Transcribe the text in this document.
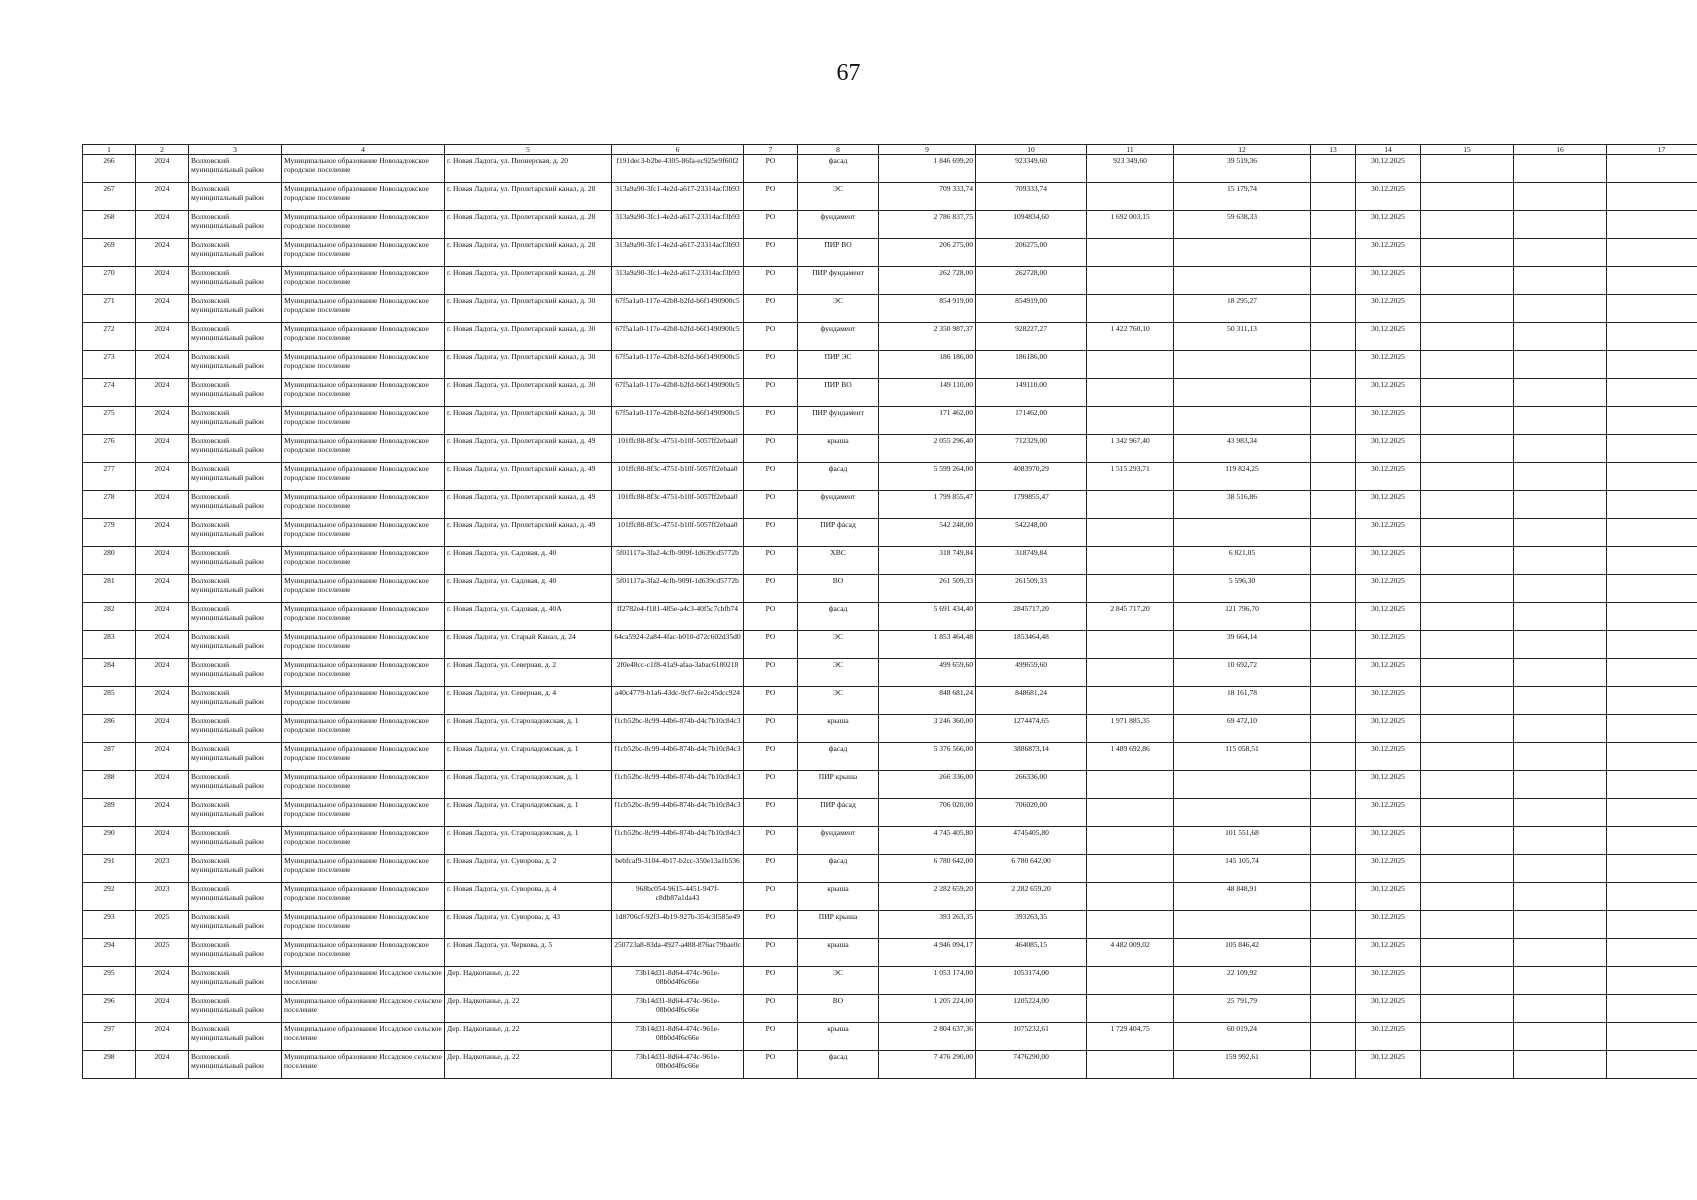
67
1	2	3	4	5	6	7	8	9	10	11	12	13	14	15	16	17
266	2024	Волховский муниципальный район	Муниципальное образование Новоладожское городское поселение	г. Новая Ладога, ул. Пионерская, д. 20	f191dec3-b2be-4305-86fa-ec925e9f60f2	РО	фасад	1 846 699,20	923349,60	923 349,60	39 519,36		30.12.2025			
267	2024	Волховский муниципальный район	Муниципальное образование Новоладожское городское поселение	г. Новая Ладога, ул. Пролетарский канал, д. 28	313a9a90-3fc1-4e2d-a617-23314acf3b93	РО	ЭС	709 333,74	709333,74		15 179,74		30.12.2025			
268	2024	Волховский муниципальный район	Муниципальное образование Новоладожское городское поселение	г. Новая Ладога, ул. Пролетарский канал, д. 28	313a9a90-3fc1-4e2d-a617-23314acf3b93	РО	фундамент	2 786 837,75	1094834,60	1 692 003,15	59 638,33		30.12.2025			
269	2024	Волховский муниципальный район	Муниципальное образование Новоладожское городское поселение	г. Новая Ладога, ул. Пролетарский канал, д. 28	313a9a90-3fc1-4e2d-a617-23314acf3b93	РО	ПИР ВО	206 275,00	206275,00				30.12.2025			
270	2024	Волховский муниципальный район	Муниципальное образование Новоладожское городское поселение	г. Новая Ладога, ул. Пролетарский канал, д. 28	313a9a90-3fc1-4e2d-a617-23314acf3b93	РО	ПИР фундамент	262 728,00	262728,00				30.12.2025			
271	2024	Волховский муниципальный район	Муниципальное образование Новоладожское городское поселение	г. Новая Ладога, ул. Пролетарский канал, д. 30	67f5a1a0-117e-42b8-b2fd-b6f1490900c5	РО	ЭС	854 919,00	854919,00		18 295,27		30.12.2025			
272	2024	Волховский муниципальный район	Муниципальное образование Новоладожское городское поселение	г. Новая Ладога, ул. Пролетарский канал, д. 30	67f5a1a0-117e-42b8-b2fd-b6f1490900c5	РО	фундамент	2 350 987,37	928227,27	1 422 760,10	50 311,13		30.12.2025			
273	2024	Волховский муниципальный район	Муниципальное образование Новоладожское городское поселение	г. Новая Ладога, ул. Пролетарский канал, д. 30	67f5a1a0-117e-42b8-b2fd-b6f1490900c5	РО	ПИР ЭС	186 186,00	186186,00				30.12.2025			
274	2024	Волховский муниципальный район	Муниципальное образование Новоладожское городское поселение	г. Новая Ладога, ул. Пролетарский канал, д. 30	67f5a1a0-117e-42b8-b2fd-b6f1490900c5	РО	ПИР ВО	149 110,00	149110,00				30.12.2025			
275	2024	Волховский муниципальный район	Муниципальное образование Новоладожское городское поселение	г. Новая Ладога, ул. Пролетарский канал, д. 30	67f5a1a0-117e-42b8-b2fd-b6f1490900c5	РО	ПИР фундамент	171 462,00	171462,00				30.12.2025			
276	2024	Волховский муниципальный район	Муниципальное образование Новоладожское городское поселение	г. Новая Ладога, ул. Пролетарский канал, д. 49	101ffc88-8f3c-4751-b10f-5057ff2ebaa0	РО	крыша	2 055 296,40	712329,00	1 342 967,40	43 983,34		30.12.2025			
277	2024	Волховский муниципальный район	Муниципальное образование Новоладожское городское поселение	г. Новая Ладога, ул. Пролетарский канал, д. 49	101ffc88-8f3c-4751-b10f-5057ff2ebaa0	РО	фасад	5 599 264,00	4083970,29	1 515 293,71	119 824,25		30.12.2025			
278	2024	Волховский муниципальный район	Муниципальное образование Новоладожское городское поселение	г. Новая Ладога, ул. Пролетарский канал, д. 49	101ffc88-8f3c-4751-b10f-5057ff2ebaa0	РО	фундамент	1 799 855,47	1799855,47		38 516,86		30.12.2025			
279	2024	Волховский муниципальный район	Муниципальное образование Новоладожское городское поселение	г. Новая Ладога, ул. Пролетарский канал, д. 49	101ffc88-8f3c-4751-b10f-5057ff2ebaa0	РО	ПИР фасад	542 248,00	542248,00				30.12.2025			
280	2024	Волховский муниципальный район	Муниципальное образование Новоладожское городское поселение	г. Новая Ладога, ул. Садовая, д. 40	5f01117a-3fa2-4cfb-909f-1d639cd5772b	РО	ХВС	318 749,84	318749,84		6 821,05		30.12.2025			
281	2024	Волховский муниципальный район	Муниципальное образование Новоладожское городское поселение	г. Новая Ладога, ул. Садовая, д. 40	5f01117a-3fa2-4cfb-909f-1d639cd5772b	РО	ВО	261 509,33	261509,33		5 596,30		30.12.2025			
282	2024	Волховский муниципальный район	Муниципальное образование Новоладожское городское поселение	г. Новая Ладога, ул. Садовая, д. 40А	ff2782e4-f181-485e-a4c3-40f5c7cbfb74	РО	фасад	5 691 434,40	2845717,20	2 845 717,20	121 796,70		30.12.2025			
283	2024	Волховский муниципальный район	Муниципальное образование Новоладожское городское поселение	г. Новая Ладога, ул. Старый Канал, д. 24	64ca5924-2a84-4fac-b010-d72c602d35d0	РО	ЭС	1 853 464,48	1853464,48		39 664,14		30.12.2025			
284	2024	Волховский муниципальный район	Муниципальное образование Новоладожское городское поселение	г. Новая Ладога, ул. Северная, д. 2	2f0e48cc-c1f8-41a9-afaa-3abac6180218	РО	ЭС	499 659,60	499659,60		10 692,72		30.12.2025			
285	2024	Волховский муниципальный район	Муниципальное образование Новоладожское городское поселение	г. Новая Ладога, ул. Северная, д. 4	a40c4779-b1a6-43dc-9cf7-6e2c45dcc924	РО	ЭС	848 681,24	848681,24		18 161,78		30.12.2025			
286	2024	Волховский муниципальный район	Муниципальное образование Новоладожское городское поселение	г. Новая Ладога, ул. Староладожская, д. 1	f1cb52bc-8c99-44b6-874b-d4c7b10c84c3	РО	крыша	3 246 360,00	1274474,65	1 971 885,35	69 472,10		30.12.2025			
287	2024	Волховский муниципальный район	Муниципальное образование Новоладожское городское поселение	г. Новая Ладога, ул. Староладожская, д. 1	f1cb52bc-8c99-44b6-874b-d4c7b10c84c3	РО	фасад	5 376 566,00	3886873,14	1 489 692,86	115 058,51		30.12.2025			
288	2024	Волховский муниципальный район	Муниципальное образование Новоладожское городское поселение	г. Новая Ладога, ул. Староладожская, д. 1	f1cb52bc-8c99-44b6-874b-d4c7b10c84c3	РО	ПИР крыша	266 336,00	266336,00				30.12.2025			
289	2024	Волховский муниципальный район	Муниципальное образование Новоладожское городское поселение	г. Новая Ладога, ул. Староладожская, д. 1	f1cb52bc-8c99-44b6-874b-d4c7b10c84c3	РО	ПИР фасад	706 020,00	706020,00				30.12.2025			
290	2024	Волховский муниципальный район	Муниципальное образование Новоладожское городское поселение	г. Новая Ладога, ул. Староладожская, д. 1	f1cb52bc-8c99-44b6-874b-d4c7b10c84c3	РО	фундамент	4 745 405,80	4745405,80		101 551,68		30.12.2025			
291	2023	Волховский муниципальный район	Муниципальное образование Новоладожское городское поселение	г. Новая Ладога, ул. Суворова, д. 2	bebfcaf9-3104-4b17-b2cc-350e13a1b536	РО	фасад	6 780 642,00	6 780 642,00		145 105,74		30.12.2025			
292	2023	Волховский муниципальный район	Муниципальное образование Новоладожское городское поселение	г. Новая Ладога, ул. Суворова, д. 4	968bc054-9615-4451-947f-c8db87a1da43	РО	крыша	2 282 659,20	2 282 659,20		48 848,91		30.12.2025			
293	2025	Волховский муниципальный район	Муниципальное образование Новоладожское городское поселение	г. Новая Ладога, ул. Суворова, д. 43	1d8706cf-92f3-4b19-927b-354c3f585e49	РО	ПИР крыша	393 263,35	393263,35				30.12.2025			
294	2025	Волховский муниципальный район	Муниципальное образование Новоладожское городское поселение	г. Новая Ладога, ул. Черкова, д. 5	250723a8-83da-4927-a488-876ac79bae0c	РО	крыша	4 946 094,17	464085,15	4 482 009,02	105 846,42		30.12.2025			
295	2024	Волховский муниципальный район	Муниципальное образование Иссадское сельское поселение	Дер. Надкопанье, д. 22	73b14d31-8d64-474c-961e-08b0d4f6c66e	РО	ЭС	1 053 174,00	1053174,00		22 109,92		30.12.2025			
296	2024	Волховский муниципальный район	Муниципальное образование Иссадское сельское поселение	Дер. Надкопанье, д. 22	73b14d31-8d64-474c-961e-08b0d4f6c66e	РО	ВО	1 205 224,00	1205224,00		25 791,79		30.12.2025			
297	2024	Волховский муниципальный район	Муниципальное образование Иссадское сельское поселение	Дер. Надкопанье, д. 22	73b14d31-8d64-474c-961e-08b0d4f6c66e	РО	крыша	2 804 637,36	1075232,61	1 729 404,75	60 019,24		30.12.2025			
298	2024	Волховский муниципальный район	Муниципальное образование Иссадское сельское поселение	Дер. Надкопанье, д. 22	73b14d31-8d64-474c-961e-08b0d4f6c66e	РО	фасад	7 476 290,00	7476290,00		159 992,61		30.12.2025			
